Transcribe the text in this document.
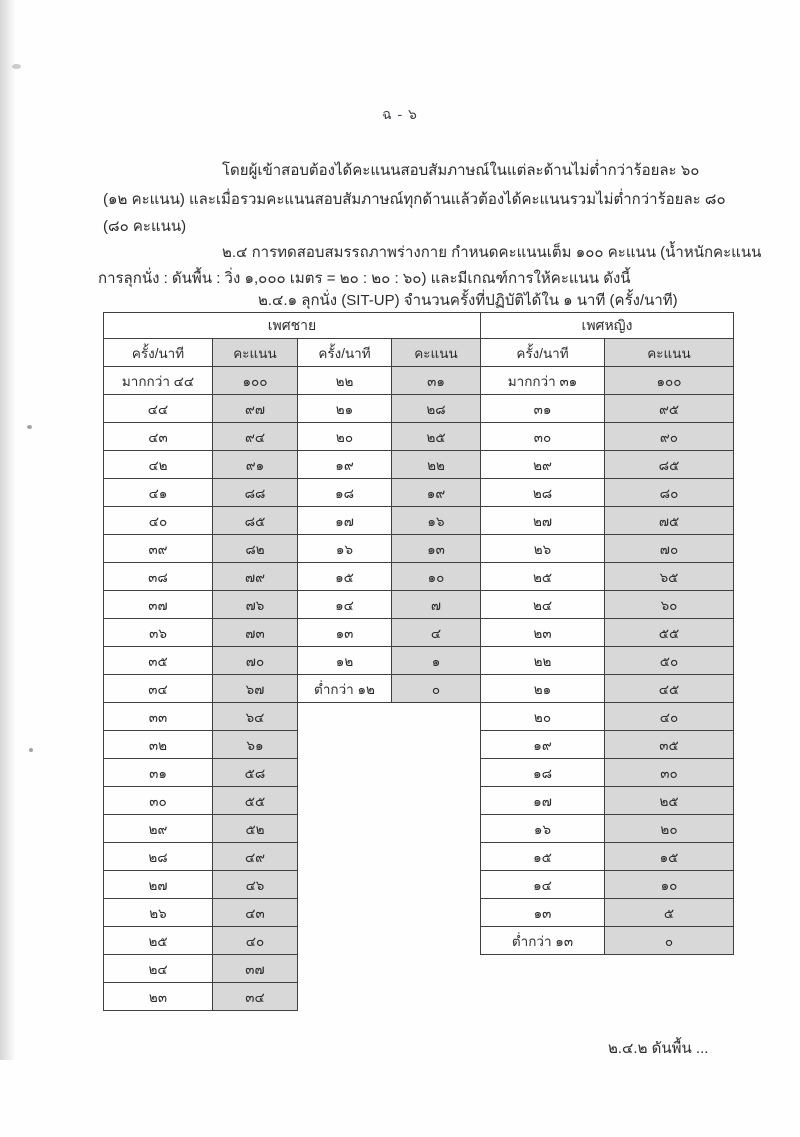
ฉ - ๖
โดยผู้เข้าสอบต้องได้คะแนนสอบสัมภาษณ์ในแต่ละด้านไม่ต่ำกว่าร้อยละ ๖๐
(๑๒ คะแนน) และเมื่อรวมคะแนนสอบสัมภาษณ์ทุกด้านแล้วต้องได้คะแนนรวมไม่ต่ำกว่าร้อยละ ๘๐
(๘๐ คะแนน)
๒.๔ การทดสอบสมรรถภาพร่างกาย กำหนดคะแนนเต็ม ๑๐๐ คะแนน (น้ำหนักคะแนน
การลุกนั่ง : ดันพื้น : วิ่ง ๑,๐๐๐ เมตร = ๒๐ : ๒๐ : ๖๐) และมีเกณฑ์การให้คะแนน ดังนี้
๒.๔.๑ ลุกนั่ง (SIT-UP) จำนวนครั้งที่ปฏิบัติได้ใน ๑ นาที (ครั้ง/นาที)
เพศชาย				เพศหญิง	
ครั้ง/นาที	คะแนน	ครั้ง/นาที	คะแนน	ครั้ง/นาที	คะแนน
มากกว่า ๔๔	๑๐๐	๒๒	๓๑	มากกว่า ๓๑	๑๐๐
๔๔	๙๗	๒๑	๒๘	๓๑	๙๕
๔๓	๙๔	๒๐	๒๕	๓๐	๙๐
๔๒	๙๑	๑๙	๒๒	๒๙	๘๕
๔๑	๘๘	๑๘	๑๙	๒๘	๘๐
๔๐	๘๕	๑๗	๑๖	๒๗	๗๕
๓๙	๘๒	๑๖	๑๓	๒๖	๗๐
๓๘	๗๙	๑๕	๑๐	๒๕	๖๕
๓๗	๗๖	๑๔	๗	๒๔	๖๐
๓๖	๗๓	๑๓	๔	๒๓	๕๕
๓๕	๗๐	๑๒	๑	๒๒	๕๐
๓๔	๖๗	ต่ำกว่า ๑๒	๐	๒๑	๔๕
๓๓	๖๔			๒๐	๔๐
๓๒	๖๑			๑๙	๓๕
๓๑	๕๘			๑๘	๓๐
๓๐	๕๕			๑๗	๒๕
๒๙	๕๒			๑๖	๒๐
๒๘	๔๙			๑๕	๑๕
๒๗	๔๖			๑๔	๑๐
๒๖	๔๓			๑๓	๕
๒๕	๔๐			ต่ำกว่า ๑๓	๐
๒๔	๓๗				
๒๓	๓๔				
๒.๔.๒ ดันพื้น ...
